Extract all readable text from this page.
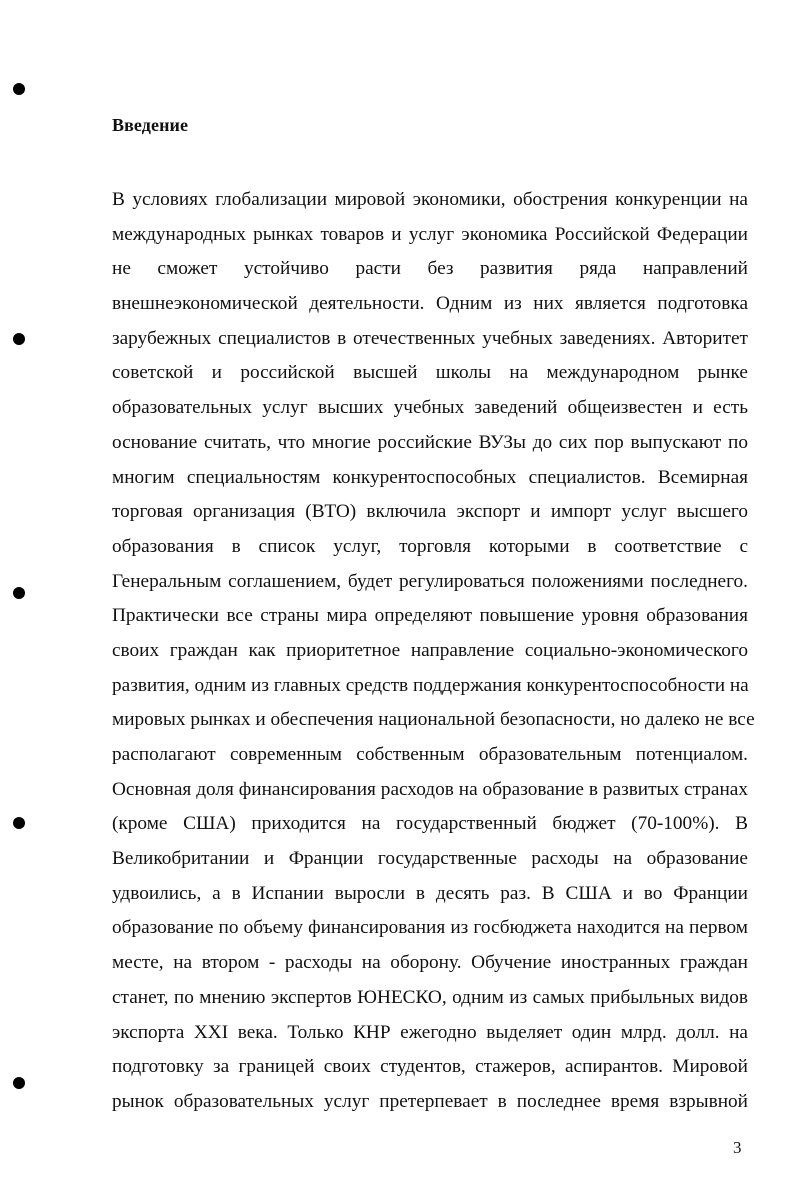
Введение
В условиях глобализации мировой экономики, обострения конкуренции на
международных рынках товаров и услуг экономика Российской Федерации
не сможет устойчиво расти без развития ряда направлений
внешнеэкономической деятельности. Одним из них является подготовка
зарубежных специалистов в отечественных учебных заведениях. Авторитет
советской и российской высшей школы на международном рынке
образовательных услуг высших учебных заведений общеизвестен и есть
основание считать, что многие российские ВУЗы до сих пор выпускают по
многим специальностям конкурентоспособных специалистов. Всемирная
торговая организация (ВТО) включила экспорт и импорт услуг высшего
образования в список услуг, торговля которыми в соответствие с
Генеральным соглашением, будет регулироваться положениями последнего.
Практически все страны мира определяют повышение уровня образования
своих граждан как приоритетное направление социально-экономического
развития, одним из главных средств поддержания конкурентоспособности на
мировых рынках и обеспечения национальной безопасности, но далеко не все
располагают современным собственным образовательным потенциалом.
Основная доля финансирования расходов на образование в развитых странах
(кроме США) приходится на государственный бюджет (70-100%). В
Великобритании и Франции государственные расходы на образование
удвоились, а в Испании выросли в десять раз. В США и во Франции
образование по объему финансирования из госбюджета находится на первом
месте, на втором - расходы на оборону. Обучение иностранных граждан
станет, по мнению экспертов ЮНЕСКО, одним из самых прибыльных видов
экспорта XXI века. Только КНР ежегодно выделяет один млрд. долл. на
подготовку за границей своих студентов, стажеров, аспирантов. Мировой
рынок образовательных услуг претерпевает в последнее время взрывной
3
